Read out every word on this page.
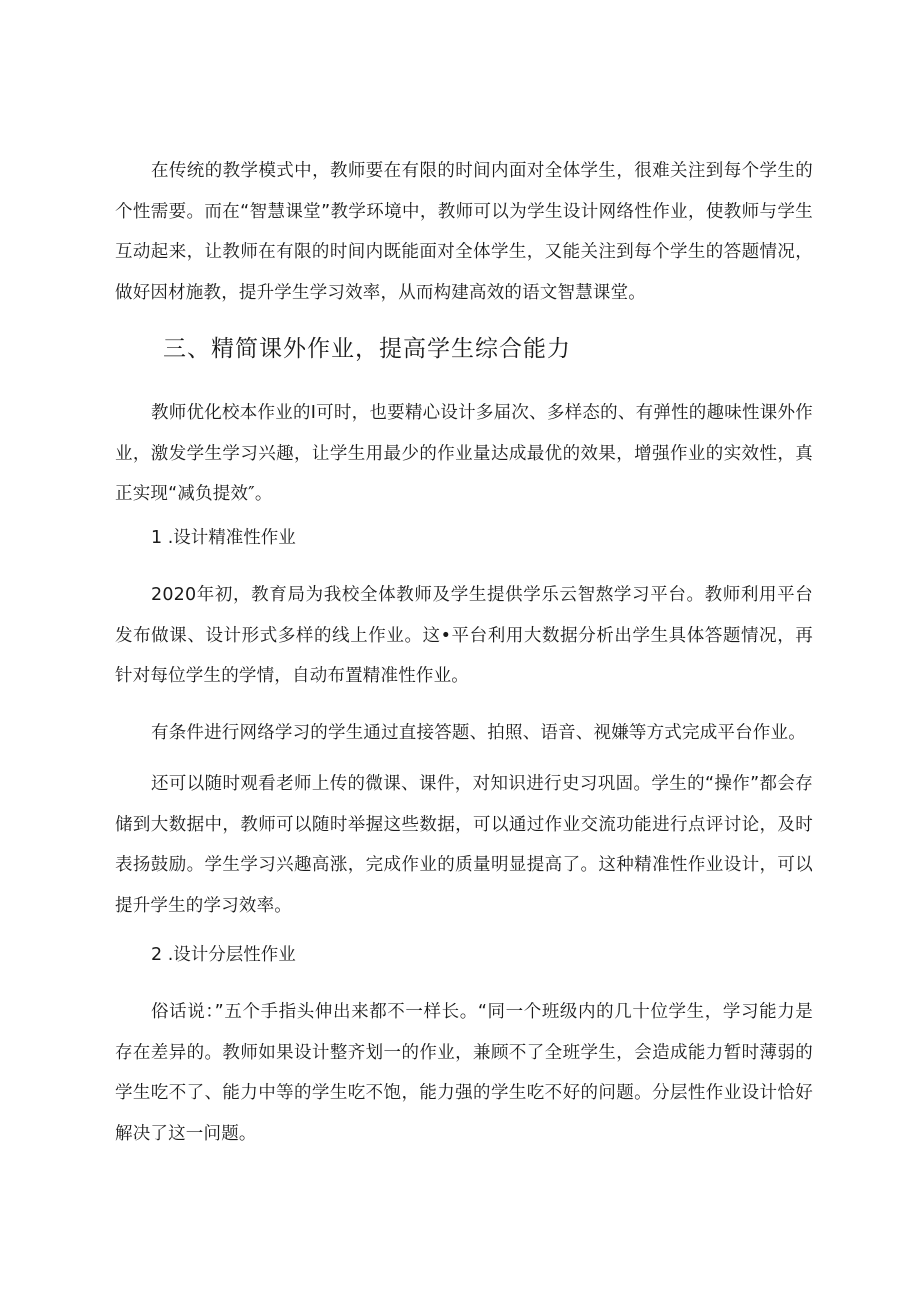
在传统的教学模式中，教师要在有限的时间内面对全体学生，很难关注到每个学生的个性需要。而在“智慧课堂”教学环境中，教师可以为学生设计网络性作业，使教师与学生互动起来，让教师在有限的时间内既能面对全体学生，又能关注到每个学生的答题情况，做好因材施教，提升学生学习效率，从而构建高效的语文智慧课堂。

三、精简课外作业，提高学生综合能力

教师优化校本作业的I可时，也要精心设计多届次、多样态的、有弹性的趣味性课外作业，激发学生学习兴趣，让学生用最少的作业量达成最优的效果，增强作业的实效性，真正实现“减负提效″。

1 .设计精准性作业

2020年初，教育局为我校全体教师及学生提供学乐云智熬学习平台。教师利用平台发布做课、设计形式多样的线上作业。这•平台利用大数据分析出学生具体答题情况，再针对每位学生的学情，自动布置精准性作业。

有条件进行网络学习的学生通过直接答题、拍照、语音、视嫌等方式完成平台作业。

还可以随时观看老师上传的微课、课件，对知识进行史习巩固。学生的“操作”都会存储到大数据中，教师可以随时举握这些数据，可以通过作业交流功能进行点评讨论，及时表扬鼓励。学生学习兴趣高涨，完成作业的质量明显提高了。这种精准性作业设计，可以提升学生的学习效率。

2 .设计分层性作业

俗话说：”五个手指头伸出来都不一样长。“同一个班级内的几十位学生，学习能力是存在差异的。教师如果设计整齐划一的作业，兼顾不了全班学生，会造成能力暂时薄弱的学生吃不了、能力中等的学生吃不饱，能力强的学生吃不好的问题。分层性作业设计恰好解决了这一问题。
